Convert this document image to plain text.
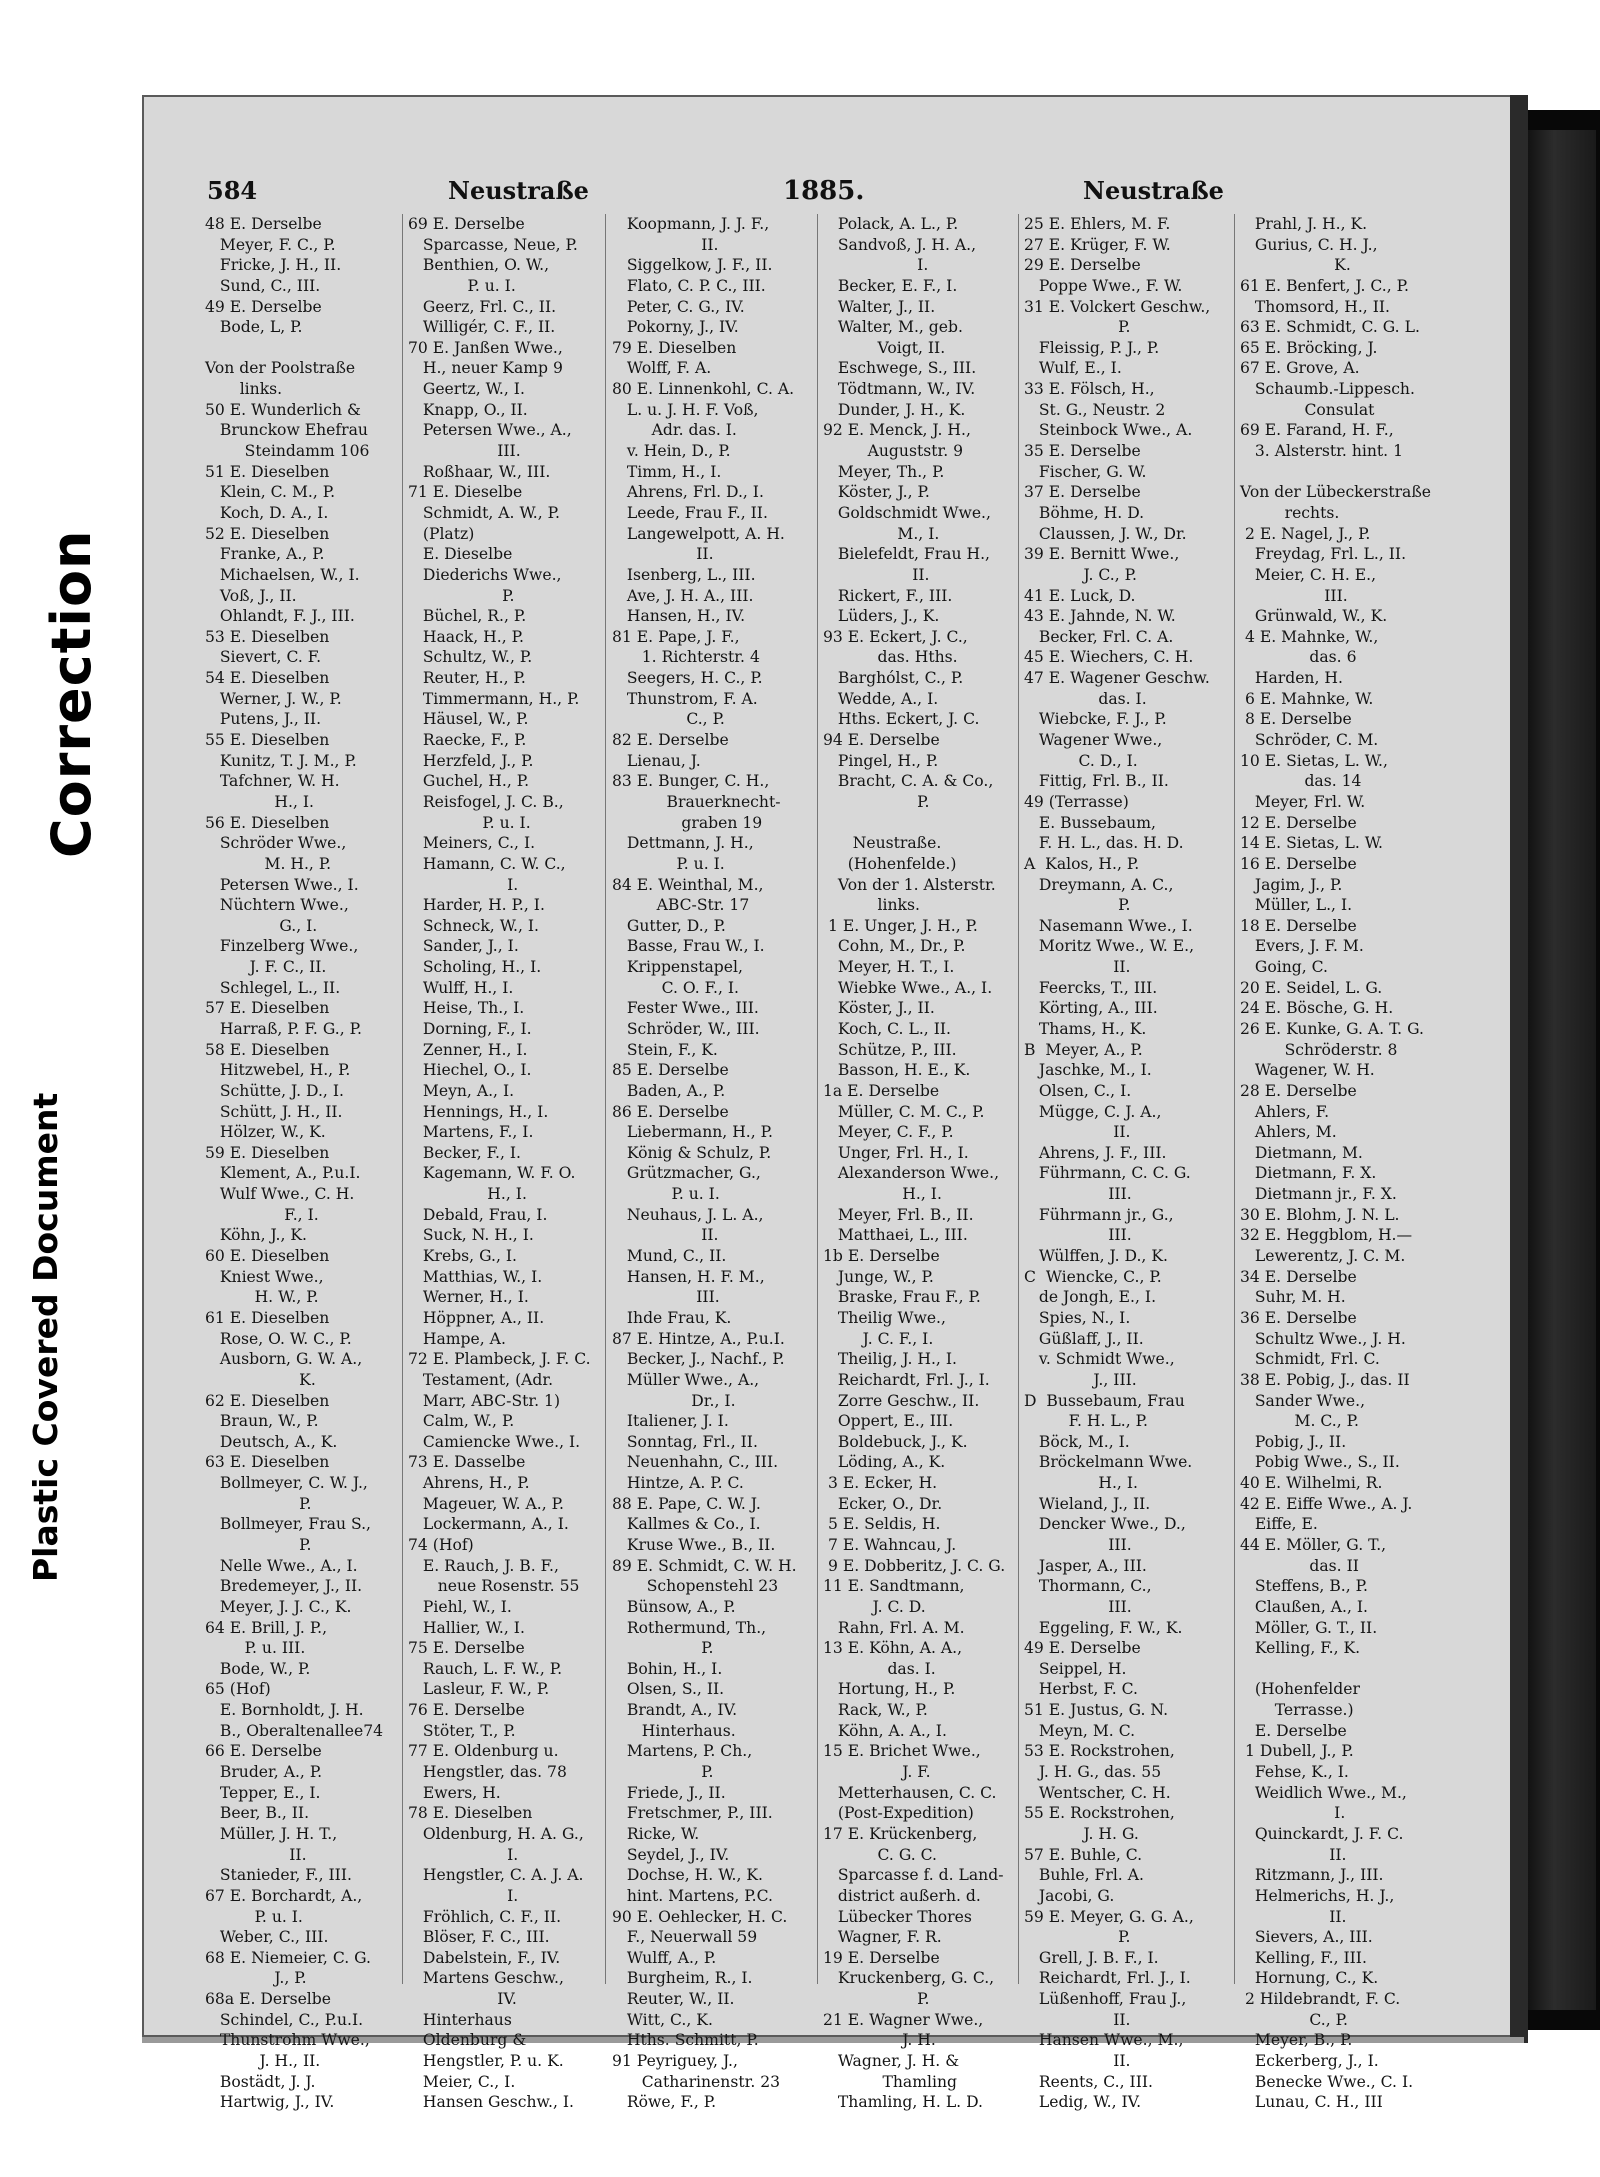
Correction
Plastic Covered Document
584	Neustraße	1885.	Neustraße
48 E. Derselbe
Meyer, F. C., P.
Fricke, J. H., II.
Sund, C., III.
49 E. Derselbe
Bode, L, P.
Von der Poolstraße
links.
50 E. Wunderlich &
Brunckow Ehefrau
Steindamm 106
51 E. Dieselben
Klein, C. M., P.
Koch, D. A., I.
52 E. Dieselben
Franke, A., P.
Michaelsen, W., I.
Voß, J., II.
Ohlandt, F. J., III.
53 E. Dieselben
Sievert, C. F.
54 E. Dieselben
Werner, J. W., P.
Putens, J., II.
55 E. Dieselben
Kunitz, T. J. M., P.
Tafchner, W. H.
H., I.
56 E. Dieselben
Schröder Wwe.,
M. H., P.
Petersen Wwe., I.
Nüchtern Wwe.,
G., I.
Finzelberg Wwe.,
J. F. C., II.
Schlegel, L., II.
57 E. Dieselben
Harraß, P. F. G., P.
58 E. Dieselben
Hitzwebel, H., P.
Schütte, J. D., I.
Schütt, J. H., II.
Hölzer, W., K.
59 E. Dieselben
Klement, A., P.u.I.
Wulf Wwe., C. H.
F., I.
Köhn, J., K.
60 E. Dieselben
Kniest Wwe.,
H. W., P.
61 E. Dieselben
Rose, O. W. C., P.
Ausborn, G. W. A.,
K.
62 E. Dieselben
Braun, W., P.
Deutsch, A., K.
63 E. Dieselben
Bollmeyer, C. W. J.,
P.
Bollmeyer, Frau S.,
P.
Nelle Wwe., A., I.
Bredemeyer, J., II.
Meyer, J. J. C., K.
64 E. Brill, J. P.,
P. u. III.
Bode, W., P.
65 (Hof)
E. Bornholdt, J. H.
B., Oberaltenallee74
66 E. Derselbe
Bruder, A., P.
Tepper, E., I.
Beer, B., II.
Müller, J. H. T.,
II.
Stanieder, F., III.
67 E. Borchardt, A.,
P. u. I.
Weber, C., III.
68 E. Niemeier, C. G.
J., P.
68a E. Derselbe
Schindel, C., P.u.I.
Thunstrohm Wwe.,
J. H., II.
Bostädt, J. J.
Hartwig, J., IV.
69 E. Derselbe
Sparcasse, Neue, P.
Benthien, O. W.,
P. u. I.
Geerz, Frl. C., II.
Willigér, C. F., II.
70 E. Janßen Wwe.,
H., neuer Kamp 9
Geertz, W., I.
Knapp, O., II.
Petersen Wwe., A.,
III.
Roßhaar, W., III.
71 E. Dieselbe
Schmidt, A. W., P.
(Platz)
E. Dieselbe
Diederichs Wwe.,
P.
Büchel, R., P.
Haack, H., P.
Schultz, W., P.
Reuter, H., P.
Timmermann, H., P.
Häusel, W., P.
Raecke, F., P.
Herzfeld, J., P.
Guchel, H., P.
Reisfogel, J. C. B.,
P. u. I.
Meiners, C., I.
Hamann, C. W. C.,
I.
Harder, H. P., I.
Schneck, W., I.
Sander, J., I.
Scholing, H., I.
Wulff, H., I.
Heise, Th., I.
Dorning, F., I.
Zenner, H., I.
Hiechel, O., I.
Meyn, A., I.
Hennings, H., I.
Martens, F., I.
Becker, F., I.
Kagemann, W. F. O.
H., I.
Debald, Frau, I.
Suck, N. H., I.
Krebs, G., I.
Matthias, W., I.
Werner, H., I.
Höppner, A., II.
Hampe, A.
72 E. Plambeck, J. F. C.
Testament, (Adr.
Marr, ABC-Str. 1)
Calm, W., P.
Camiencke Wwe., I.
73 E. Dasselbe
Ahrens, H., P.
Mageuer, W. A., P.
Lockermann, A., I.
74 (Hof)
E. Rauch, J. B. F.,
neue Rosenstr. 55
Piehl, W., I.
Hallier, W., I.
75 E. Derselbe
Rauch, L. F. W., P.
Lasleur, F. W., P.
76 E. Derselbe
Stöter, T., P.
77 E. Oldenburg u.
Hengstler, das. 78
Ewers, H.
78 E. Dieselben
Oldenburg, H. A. G.,
I.
Hengstler, C. A. J. A.
I.
Fröhlich, C. F., II.
Blöser, F. C., III.
Dabelstein, F., IV.
Martens Geschw.,
IV.
Hinterhaus
Oldenburg &
Hengstler, P. u. K.
Meier, C., I.
Hansen Geschw., I.
Koopmann, J. J. F.,
II.
Siggelkow, J. F., II.
Flato, C. P. C., III.
Peter, C. G., IV.
Pokorny, J., IV.
79 E. Dieselben
Wolff, F. A.
80 E. Linnenkohl, C. A.
L. u. J. H. F. Voß,
Adr. das. I.
v. Hein, D., P.
Timm, H., I.
Ahrens, Frl. D., I.
Leede, Frau F., II.
Langewelpott, A. H.
II.
Isenberg, L., III.
Ave, J. H. A., III.
Hansen, H., IV.
81 E. Pape, J. F.,
1. Richterstr. 4
Seegers, H. C., P.
Thunstrom, F. A.
C., P.
82 E. Derselbe
Lienau, J.
83 E. Bunger, C. H.,
Brauerknecht-
graben 19
Dettmann, J. H.,
P. u. I.
84 E. Weinthal, M.,
ABC-Str. 17
Gutter, D., P.
Basse, Frau W., I.
Krippenstapel,
C. O. F., I.
Fester Wwe., III.
Schröder, W., III.
Stein, F., K.
85 E. Derselbe
Baden, A., P.
86 E. Derselbe
Liebermann, H., P.
König & Schulz, P.
Grützmacher, G.,
P. u. I.
Neuhaus, J. L. A.,
II.
Mund, C., II.
Hansen, H. F. M.,
III.
Ihde Frau, K.
87 E. Hintze, A., P.u.I.
Becker, J., Nachf., P.
Müller Wwe., A.,
Dr., I.
Italiener, J. I.
Sonntag, Frl., II.
Neuenhahn, C., III.
Hintze, A. P. C.
88 E. Pape, C. W. J.
Kallmes & Co., I.
Kruse Wwe., B., II.
89 E. Schmidt, C. W. H.
Schopenstehl 23
Bünsow, A., P.
Rothermund, Th.,
P.
Bohin, H., I.
Olsen, S., II.
Brandt, A., IV.
Hinterhaus.
Martens, P. Ch.,
P.
Friede, J., II.
Fretschmer, P., III.
Ricke, W.
Seydel, J., IV.
Dochse, H. W., K.
hint. Martens, P.C.
90 E. Oehlecker, H. C.
F., Neuerwall 59
Wulff, A., P.
Burgheim, R., I.
Reuter, W., II.
Witt, C., K.
Hths. Schmitt, P.
91 Peyriguey, J.,
Catharinenstr. 23
Röwe, F., P.
Polack, A. L., P.
Sandvoß, J. H. A.,
I.
Becker, E. F., I.
Walter, J., II.
Walter, M., geb.
Voigt, II.
Eschwege, S., III.
Tödtmann, W., IV.
Dunder, J. H., K.
92 E. Menck, J. H.,
Auguststr. 9
Meyer, Th., P.
Köster, J., P.
Goldschmidt Wwe.,
M., I.
Bielefeldt, Frau H.,
II.
Rickert, F., III.
Lüders, J., K.
93 E. Eckert, J. C.,
das. Hths.
Barghólst, C., P.
Wedde, A., I.
Hths. Eckert, J. C.
94 E. Derselbe
Pingel, H., P.
Bracht, C. A. & Co.,
P.
Neustraße.
(Hohenfelde.)
Von der 1. Alsterstr.
links.
1 E. Unger, J. H., P.
Cohn, M., Dr., P.
Meyer, H. T., I.
Wiebke Wwe., A., I.
Köster, J., II.
Koch, C. L., II.
Schütze, P., III.
Basson, H. E., K.
1a E. Derselbe
Müller, C. M. C., P.
Meyer, C. F., P.
Unger, Frl. H., I.
Alexanderson Wwe.,
H., I.
Meyer, Frl. B., II.
Matthaei, L., III.
1b E. Derselbe
Junge, W., P.
Braske, Frau F., P.
Theilig Wwe.,
J. C. F., I.
Theilig, J. H., I.
Reichardt, Frl. J., I.
Zorre Geschw., II.
Oppert, E., III.
Boldebuck, J., K.
Löding, A., K.
3 E. Ecker, H.
Ecker, O., Dr.
5 E. Seldis, H.
7 E. Wahncau, J.
9 E. Dobberitz, J. C. G.
11 E. Sandtmann,
J. C. D.
Rahn, Frl. A. M.
13 E. Köhn, A. A.,
das. I.
Hortung, H., P.
Rack, W., P.
Köhn, A. A., I.
15 E. Brichet Wwe.,
J. F.
Metterhausen, C. C.
(Post-Expedition)
17 E. Krückenberg,
C. G. C.
Sparcasse f. d. Land-
district außerh. d.
Lübecker Thores
Wagner, F. R.
19 E. Derselbe
Kruckenberg, G. C.,
P.
21 E. Wagner Wwe.,
J. H.
Wagner, J. H. &
Thamling
Thamling, H. L. D.
25 E. Ehlers, M. F.
27 E. Krüger, F. W.
29 E. Derselbe
Poppe Wwe., F. W.
31 E. Volckert Geschw.,
P.
Fleissig, P. J., P.
Wulf, E., I.
33 E. Fölsch, H.,
St. G., Neustr. 2
Steinbock Wwe., A.
35 E. Derselbe
Fischer, G. W.
37 E. Derselbe
Böhme, H. D.
Claussen, J. W., Dr.
39 E. Bernitt Wwe.,
J. C., P.
41 E. Luck, D.
43 E. Jahnde, N. W.
Becker, Frl. C. A.
45 E. Wiechers, C. H.
47 E. Wagener Geschw.
das. I.
Wiebcke, F. J., P.
Wagener Wwe.,
C. D., I.
Fittig, Frl. B., II.
49 (Terrasse)
E. Bussebaum,
F. H. L., das. H. D.
A  Kalos, H., P.
Dreymann, A. C.,
P.
Nasemann Wwe., I.
Moritz Wwe., W. E.,
II.
Feercks, T., III.
Körting, A., III.
Thams, H., K.
B  Meyer, A., P.
Jaschke, M., I.
Olsen, C., I.
Mügge, C. J. A.,
II.
Ahrens, J. F., III.
Führmann, C. C. G.
III.
Führmann jr., G.,
III.
Wülffen, J. D., K.
C  Wiencke, C., P.
de Jongh, E., I.
Spies, N., I.
Güßlaff, J., II.
v. Schmidt Wwe.,
J., III.
D  Bussebaum, Frau
F. H. L., P.
Böck, M., I.
Bröckelmann Wwe.
H., I.
Wieland, J., II.
Dencker Wwe., D.,
III.
Jasper, A., III.
Thormann, C.,
III.
Eggeling, F. W., K.
49 E. Derselbe
Seippel, H.
Herbst, F. C.
51 E. Justus, G. N.
Meyn, M. C.
53 E. Rockstrohen,
J. H. G., das. 55
Wentscher, C. H.
55 E. Rockstrohen,
J. H. G.
57 E. Buhle, C.
Buhle, Frl. A.
Jacobi, G.
59 E. Meyer, G. G. A.,
P.
Grell, J. B. F., I.
Reichardt, Frl. J., I.
Lüßenhoff, Frau J.,
II.
Hansen Wwe., M.,
II.
Reents, C., III.
Ledig, W., IV.
Prahl, J. H., K.
Gurius, C. H. J.,
K.
61 E. Benfert, J. C., P.
Thomsord, H., II.
63 E. Schmidt, C. G. L.
65 E. Bröcking, J.
67 E. Grove, A.
Schaumb.-Lippesch.
Consulat
69 E. Farand, H. F.,
3. Alsterstr. hint. 1
Von der Lübeckerstraße
rechts.
2 E. Nagel, J., P.
Freydag, Frl. L., II.
Meier, C. H. E.,
III.
Grünwald, W., K.
4 E. Mahnke, W.,
das. 6
Harden, H.
6 E. Mahnke, W.
8 E. Derselbe
Schröder, C. M.
10 E. Sietas, L. W.,
das. 14
Meyer, Frl. W.
12 E. Derselbe
14 E. Sietas, L. W.
16 E. Derselbe
Jagim, J., P.
Müller, L., I.
18 E. Derselbe
Evers, J. F. M.
Going, C.
20 E. Seidel, L. G.
24 E. Bösche, G. H.
26 E. Kunke, G. A. T. G.
Schröderstr. 8
Wagener, W. H.
28 E. Derselbe
Ahlers, F.
Ahlers, M.
Dietmann, M.
Dietmann, F. X.
Dietmann jr., F. X.
30 E. Blohm, J. N. L.
32 E. Heggblom, H.—
Lewerentz, J. C. M.
34 E. Derselbe
Suhr, M. H.
36 E. Derselbe
Schultz Wwe., J. H.
Schmidt, Frl. C.
38 E. Pobig, J., das. II
Sander Wwe.,
M. C., P.
Pobig, J., II.
Pobig Wwe., S., II.
40 E. Wilhelmi, R.
42 E. Eiffe Wwe., A. J.
Eiffe, E.
44 E. Möller, G. T.,
das. II
Steffens, B., P.
Claußen, A., I.
Möller, G. T., II.
Kelling, F., K.
(Hohenfelder
Terrasse.)
E. Derselbe
1 Dubell, J., P.
Fehse, K., I.
Weidlich Wwe., M.,
I.
Quinckardt, J. F. C.
II.
Ritzmann, J., III.
Helmerichs, H. J.,
II.
Sievers, A., III.
Kelling, F., III.
Hornung, C., K.
2 Hildebrandt, F. C.
C., P.
Meyer, B., P.
Eckerberg, J., I.
Benecke Wwe., C. I.
Lunau, C. H., III
